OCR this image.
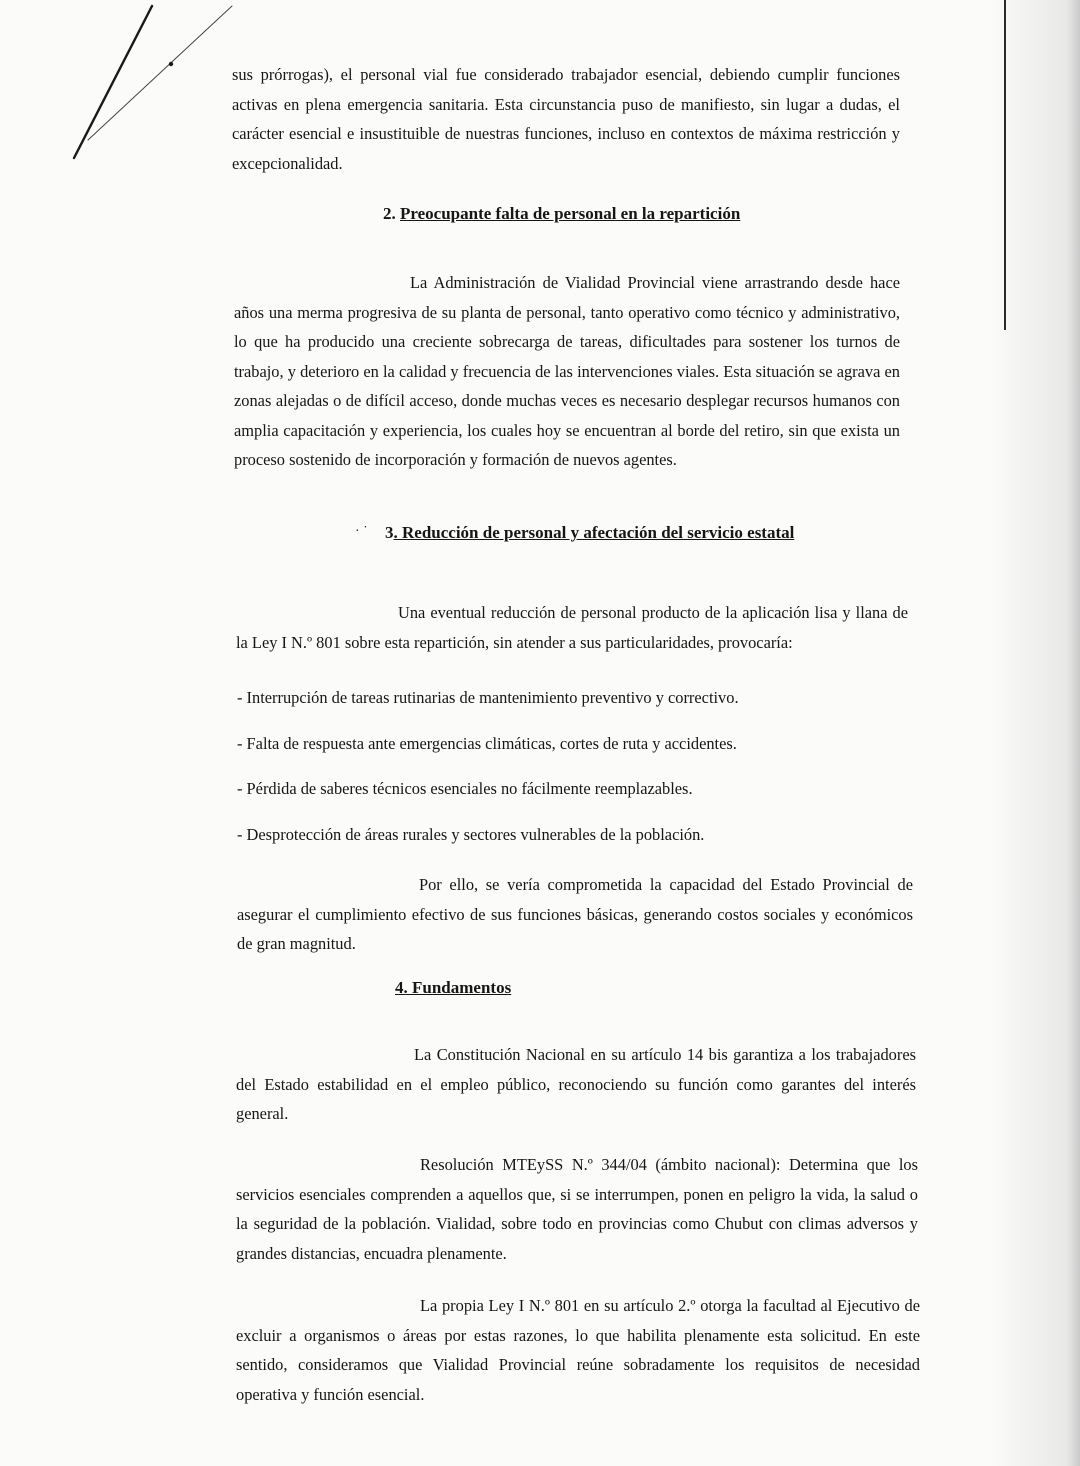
sus prórrogas), el personal vial fue considerado trabajador esencial, debiendo cumplir funciones activas en plena emergencia sanitaria. Esta circunstancia puso de manifiesto, sin lugar a dudas, el carácter esencial e insustituible de nuestras funciones, incluso en contextos de máxima restricción y excepcionalidad.

2. Preocupante falta de personal en la repartición

La Administración de Vialidad Provincial viene arrastrando desde hace años una merma progresiva de su planta de personal, tanto operativo como técnico y administrativo, lo que ha producido una creciente sobrecarga de tareas, dificultades para sostener los turnos de trabajo, y deterioro en la calidad y frecuencia de las intervenciones viales. Esta situación se agrava en zonas alejadas o de difícil acceso, donde muchas veces es necesario desplegar recursos humanos con amplia capacitación y experiencia, los cuales hoy se encuentran al borde del retiro, sin que exista un proceso sostenido de incorporación y formación de nuevos agentes.

· ˙ 3. Reducción de personal y afectación del servicio estatal

Una eventual reducción de personal producto de la aplicación lisa y llana de la Ley I N.º 801 sobre esta repartición, sin atender a sus particularidades, provocaría:

- Interrupción de tareas rutinarias de mantenimiento preventivo y correctivo.
- Falta de respuesta ante emergencias climáticas, cortes de ruta y accidentes.
- Pérdida de saberes técnicos esenciales no fácilmente reemplazables.
- Desprotección de áreas rurales y sectores vulnerables de la población.

Por ello, se vería comprometida la capacidad del Estado Provincial de asegurar el cumplimiento efectivo de sus funciones básicas, generando costos sociales y económicos de gran magnitud.

4. Fundamentos

La Constitución Nacional en su artículo 14 bis garantiza a los trabajadores del Estado estabilidad en el empleo público, reconociendo su función como garantes del interés general.

Resolución MTEySS N.º 344/04 (ámbito nacional): Determina que los servicios esenciales comprenden a aquellos que, si se interrumpen, ponen en peligro la vida, la salud o la seguridad de la población. Vialidad, sobre todo en provincias como Chubut con climas adversos y grandes distancias, encuadra plenamente.

La propia Ley I N.º 801 en su artículo 2.º otorga la facultad al Ejecutivo de excluir a organismos o áreas por estas razones, lo que habilita plenamente esta solicitud. En este sentido, consideramos que Vialidad Provincial reúne sobradamente los requisitos de necesidad operativa y función esencial.
